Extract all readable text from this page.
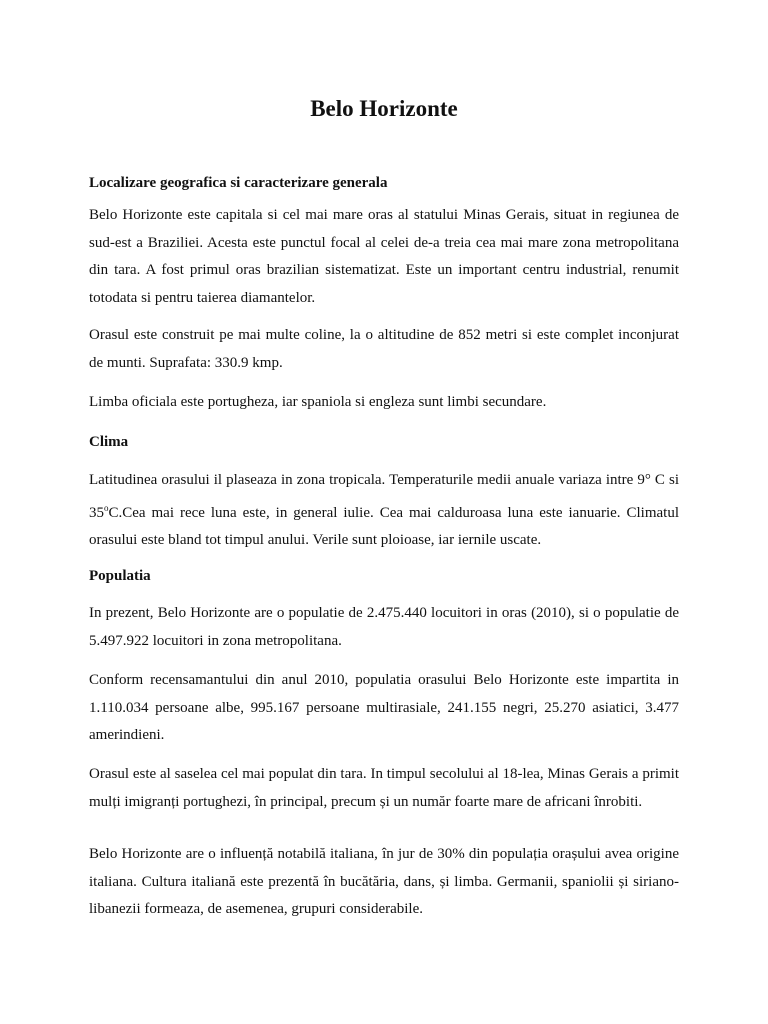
Belo Horizonte
Localizare geografica si caracterizare generala

Belo Horizonte este capitala si cel mai mare oras al statului Minas Gerais, situat in regiunea de sud-est a Braziliei. Acesta este punctul focal al celei de-a treia cea mai mare zona metropolitana din tara. A fost primul oras brazilian sistematizat. Este un important centru industrial, renumit totodata si pentru taierea diamantelor.

Orasul este construit pe mai multe coline, la o altitudine de 852 metri si este complet inconjurat de munti. Suprafata: 330.9 kmp.

Limba oficiala este portugheza, iar spaniola si engleza sunt limbi secundare.

Clima

Latitudinea orasului il plaseaza in zona tropicala. Temperaturile medii anuale variaza intre 9° C si 35$^o$C.Cea mai rece luna este, in general iulie. Cea mai calduroasa luna este ianuarie. Climatul orasului este bland tot timpul anului. Verile sunt ploioase, iar iernile uscate.

Populatia

In prezent, Belo Horizonte are o populatie de 2.475.440 locuitori in oras (2010), si o populatie de 5.497.922 locuitori in zona metropolitana.

Conform recensamantului din anul 2010, populatia orasului Belo Horizonte este impartita in 1.110.034 persoane albe, 995.167 persoane multirasiale, 241.155 negri, 25.270 asiatici, 3.477 amerindieni.

Orasul este al saselea cel mai populat din tara. In timpul secolului al 18-lea, Minas Gerais a primit mulți imigranți portughezi, în principal, precum și un număr foarte mare de africani înrobiti.

Belo Horizonte are o influență notabilă italiana, în jur de 30% din populația orașului avea origine italiana. Cultura italiană este prezentă în bucătăria, dans, și limba. Germanii, spaniolii și siriano-libanezii formeaza, de asemenea, grupuri considerabile.
